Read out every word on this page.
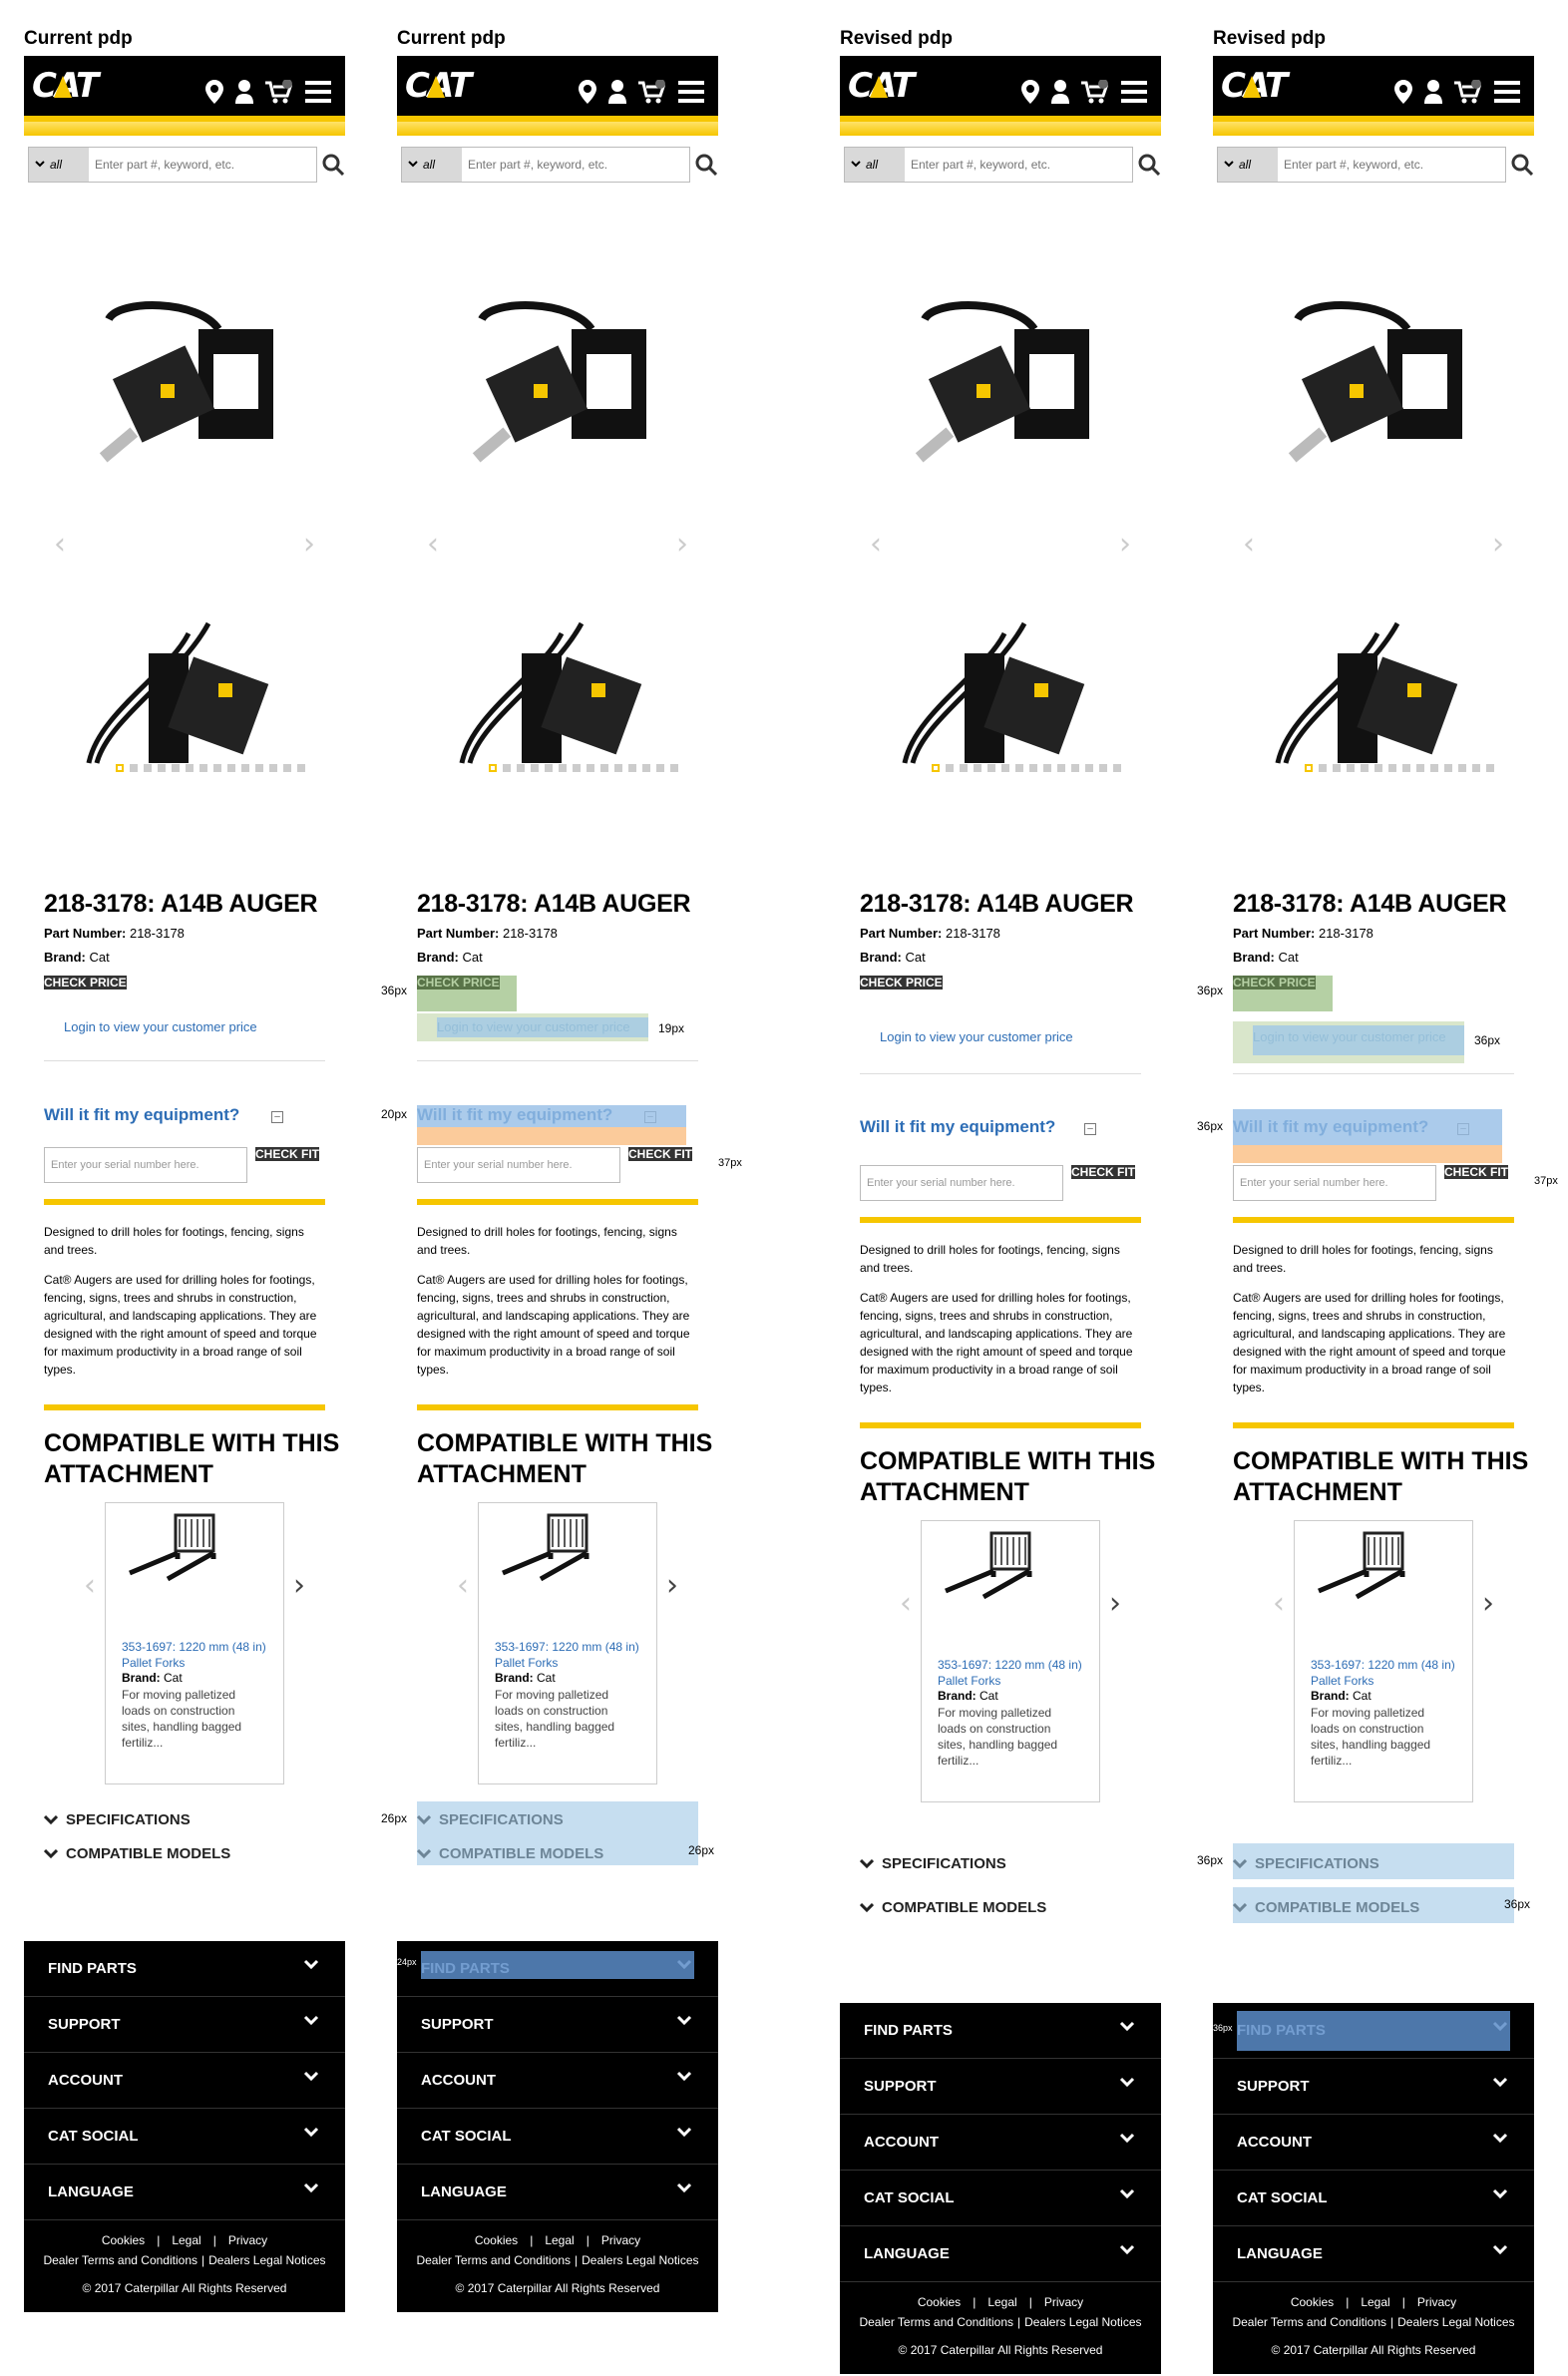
Current pdp
CAT
all
Enter part #, keyword, etc.
‹	›
218-3178: A14B AUGER
Part Number: 218-3178
Brand: Cat
CHECK PRICE
Login to view your customer price
Will it fit my equipment?	–
Enter your serial number here.
CHECK FIT
Designed to drill holes for footings, fencing, signs and trees.
Cat® Augers are used for drilling holes for footings, fencing, signs, trees and shrubs in construction, agricultural, and landscaping applications. They are designed with the right amount of speed and torque for maximum productivity in a broad range of soil types.
COMPATIBLE WITH THIS ATTACHMENT
‹
353-1697: 1220 mm (48 in) Pallet Forks
Brand: Cat
For moving palletized loads on construction sites, handling bagged fertiliz...
›
SPECIFICATIONS
COMPATIBLE MODELS
FIND PARTS
SUPPORT
ACCOUNT
CAT SOCIAL
LANGUAGE
Cookies | Legal | Privacy
Dealer Terms and Conditions | Dealers Legal Notices
© 2017 Caterpillar All Rights Reserved
Current pdp
CAT
all
Enter part #, keyword, etc.
‹	›
218-3178: A14B AUGER
Part Number: 218-3178
Brand: Cat
Enter your serial number here.
CHECK FIT
Designed to drill holes for footings, fencing, signs and trees.
Cat® Augers are used for drilling holes for footings, fencing, signs, trees and shrubs in construction, agricultural, and landscaping applications. They are designed with the right amount of speed and torque for maximum productivity in a broad range of soil types.
COMPATIBLE WITH THIS ATTACHMENT
‹
353-1697: 1220 mm (48 in) Pallet Forks
Brand: Cat
For moving palletized loads on construction sites, handling bagged fertiliz...
›
SUPPORT
ACCOUNT
CAT SOCIAL
LANGUAGE
Cookies | Legal | Privacy
Dealer Terms and Conditions | Dealers Legal Notices
© 2017 Caterpillar All Rights Reserved
36px
19px
20px
37px
26px
26px
24px
Revised pdp
CAT
all
Enter part #, keyword, etc.
‹	›
218-3178: A14B AUGER
Part Number: 218-3178
Brand: Cat
CHECK PRICE
Login to view your customer price
Will it fit my equipment?	–
Enter your serial number here.
CHECK FIT
Designed to drill holes for footings, fencing, signs and trees.
Cat® Augers are used for drilling holes for footings, fencing, signs, trees and shrubs in construction, agricultural, and landscaping applications. They are designed with the right amount of speed and torque for maximum productivity in a broad range of soil types.
COMPATIBLE WITH THIS ATTACHMENT
‹
353-1697: 1220 mm (48 in) Pallet Forks
Brand: Cat
For moving palletized loads on construction sites, handling bagged fertiliz...
›
SPECIFICATIONS
COMPATIBLE MODELS
FIND PARTS
SUPPORT
ACCOUNT
CAT SOCIAL
LANGUAGE
Cookies | Legal | Privacy
Dealer Terms and Conditions | Dealers Legal Notices
© 2017 Caterpillar All Rights Reserved
Revised pdp
CAT
all
Enter part #, keyword, etc.
‹	›
218-3178: A14B AUGER
Part Number: 218-3178
Brand: Cat
Enter your serial number here.
CHECK FIT
Designed to drill holes for footings, fencing, signs and trees.
Cat® Augers are used for drilling holes for footings, fencing, signs, trees and shrubs in construction, agricultural, and landscaping applications. They are designed with the right amount of speed and torque for maximum productivity in a broad range of soil types.
COMPATIBLE WITH THIS ATTACHMENT
‹
353-1697: 1220 mm (48 in) Pallet Forks
Brand: Cat
For moving palletized loads on construction sites, handling bagged fertiliz...
›
SUPPORT
ACCOUNT
CAT SOCIAL
LANGUAGE
Cookies | Legal | Privacy
Dealer Terms and Conditions | Dealers Legal Notices
© 2017 Caterpillar All Rights Reserved
36px
36px
36px
37px
36px
36px
36px
